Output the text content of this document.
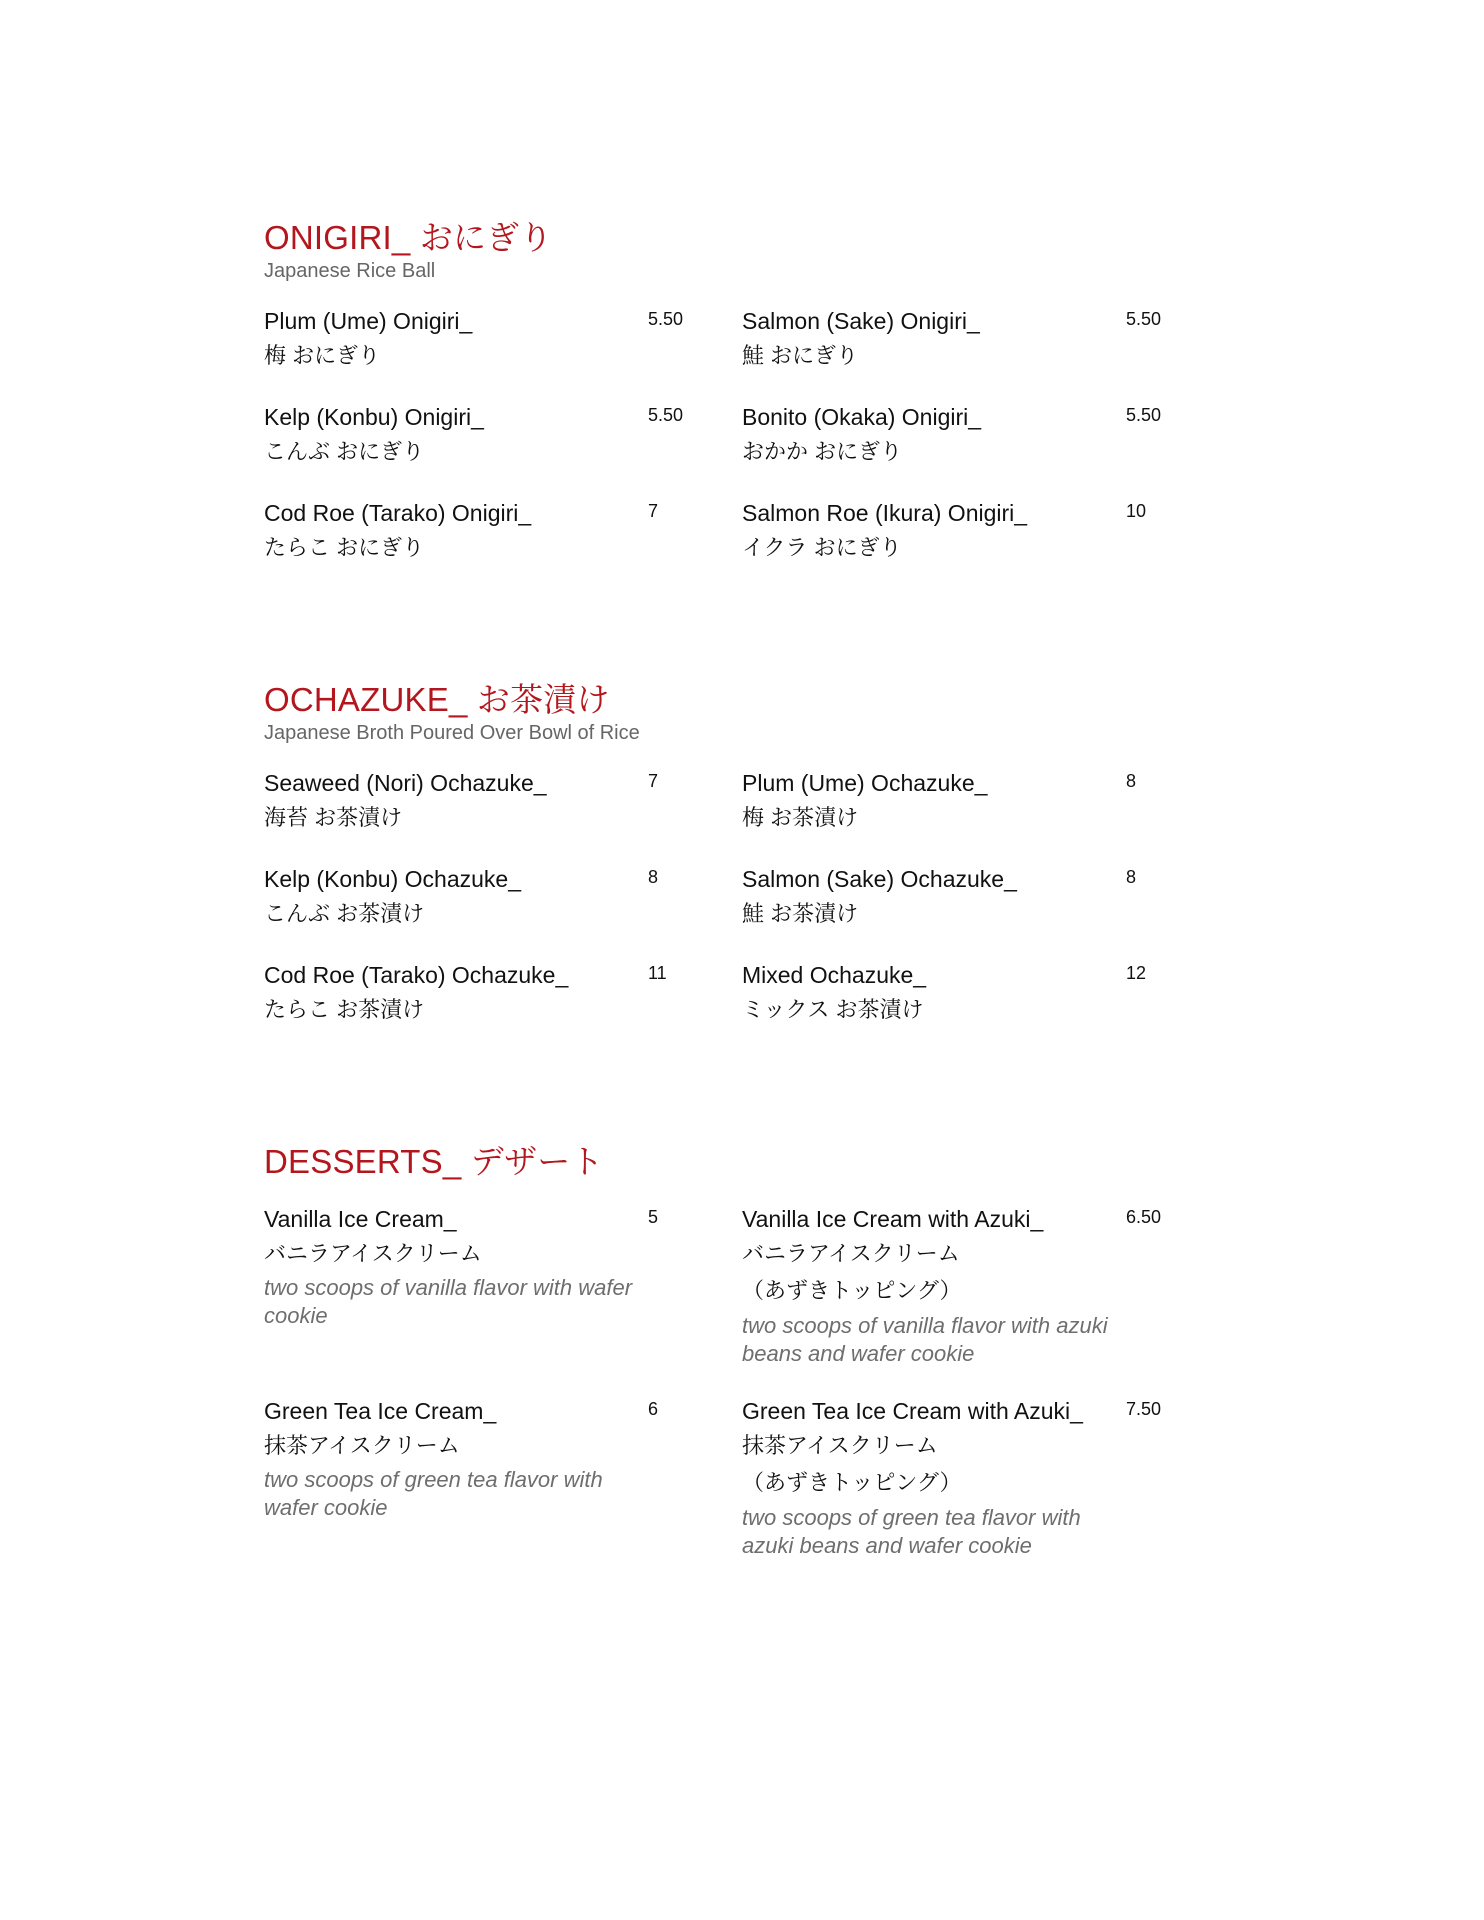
ONIGIRI_ おにぎり

Japanese Rice Ball

Plum (Ume) Onigiri_
梅 おにぎり
5.50	Salmon (Sake) Onigiri_
鮭 おにぎり
5.50
Kelp (Konbu) Onigiri_
こんぶ おにぎり
5.50	Bonito (Okaka) Onigiri_
おかか おにぎり
5.50
Cod Roe (Tarako) Onigiri_
たらこ おにぎり
7	Salmon Roe (Ikura) Onigiri_
イクラ おにぎり
10
OCHAZUKE_ お茶漬け

Japanese Broth Poured Over Bowl of Rice

Seaweed (Nori) Ochazuke_
海苔 お茶漬け
7	Plum (Ume) Ochazuke_
梅 お茶漬け
8
Kelp (Konbu) Ochazuke_
こんぶ お茶漬け
8	Salmon (Sake) Ochazuke_
鮭 お茶漬け
8
Cod Roe (Tarako) Ochazuke_
たらこ お茶漬け
11	Mixed Ochazuke_
ミックス お茶漬け
12
DESSERTS_ デザート
Vanilla Ice Cream_
バニラアイスクリーム
two scoops of vanilla flavor with wafer cookie
5	Vanilla Ice Cream with Azuki_
バニラアイスクリーム
（あずきトッピング）
two scoops of vanilla flavor with azuki beans and wafer cookie
6.50
Green Tea Ice Cream_
抹茶アイスクリーム
two scoops of green tea flavor with wafer cookie
6	Green Tea Ice Cream with Azuki_
抹茶アイスクリーム
（あずきトッピング）
two scoops of green tea flavor with azuki beans and wafer cookie
7.50
